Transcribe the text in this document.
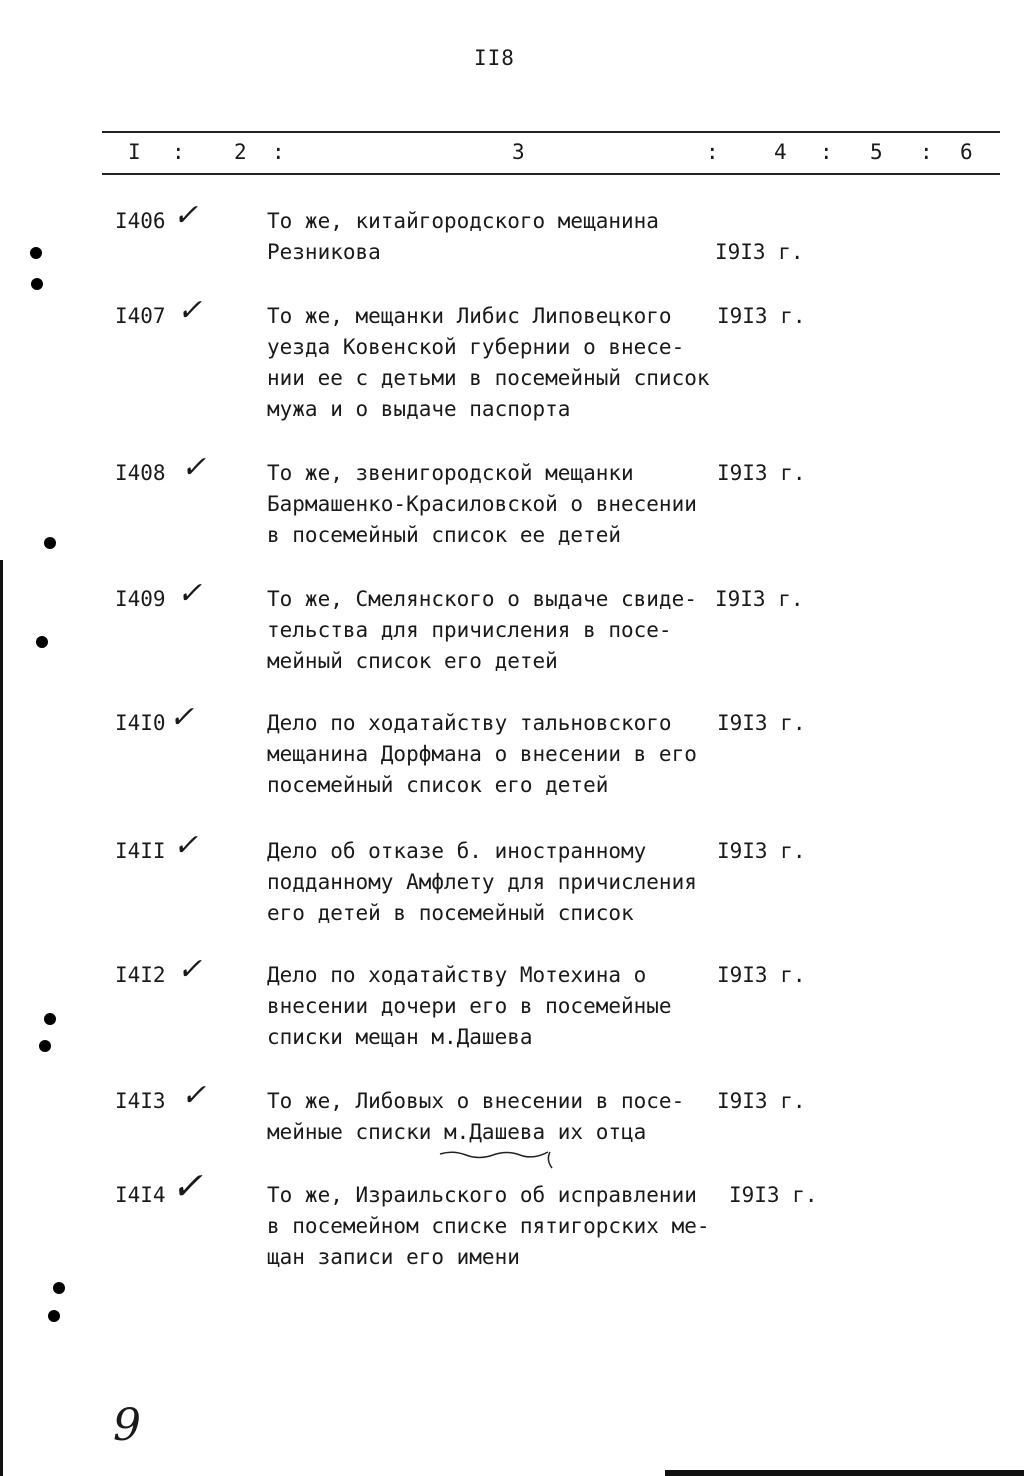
II8
I : 2 :	3	:	4 : 5 : 6
I406 ✓	То же, китайгородского мещанина
Резникова	I9I3 г.
I407 ✓	То же, мещанки Либис Липовецкого
уезда Ковенской губернии о внесе-
нии ее с детьми в посемейный список
мужа и о выдаче паспорта
I9I3 г.
I408 ✓	То же, звенигородской мещанки
Бармашенко-Красиловской о внесении
в посемейный список ее детей
I9I3 г.
I409 ✓	То же, Смелянского о выдаче свиде-
тельства для причисления в посе-
мейный список его детей
I9I3 г.
I4I0 ✓	Дело по ходатайству тальновского
мещанина Дорфмана о внесении в его
посемейный список его детей
I9I3 г.
I4II ✓	Дело об отказе б. иностранному
подданному Амфлету для причисления
его детей в посемейный список
I9I3 г.
I4I2 ✓	Дело по ходатайству Мотехина о
внесении дочери его в посемейные
списки мещан м.Дашева
I9I3 г.
I4I3 ✓	То же, Либовых о внесении в посе-
мейные списки м.Дашева их отца
I9I3 г.
I4I4 ✓	То же, Израильского об исправлении
в посемейном списке пятигорских ме-
щан записи его имени
I9I3 г.
9
